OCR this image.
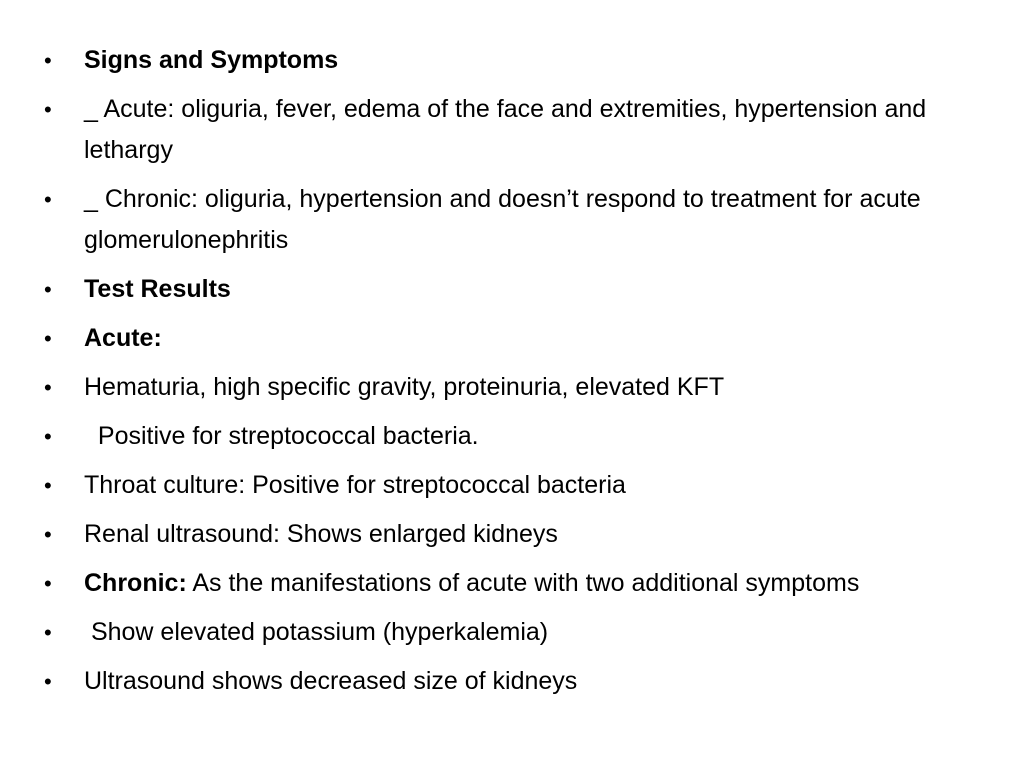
• Signs and Symptoms
• _ Acute: oliguria, fever, edema of the face and extremities, hypertension and lethargy
• _ Chronic: oliguria, hypertension and doesn’t respond to treatment for acute glomerulonephritis
• Test Results
• Acute:
• Hematuria, high specific gravity, proteinuria, elevated KFT
• Positive for streptococcal bacteria.
• Throat culture: Positive for streptococcal bacteria
• Renal ultrasound: Shows enlarged kidneys
• Chronic: As the manifestations of acute with two additional symptoms
• Show elevated potassium (hyperkalemia)
• Ultrasound shows decreased size of kidneys
